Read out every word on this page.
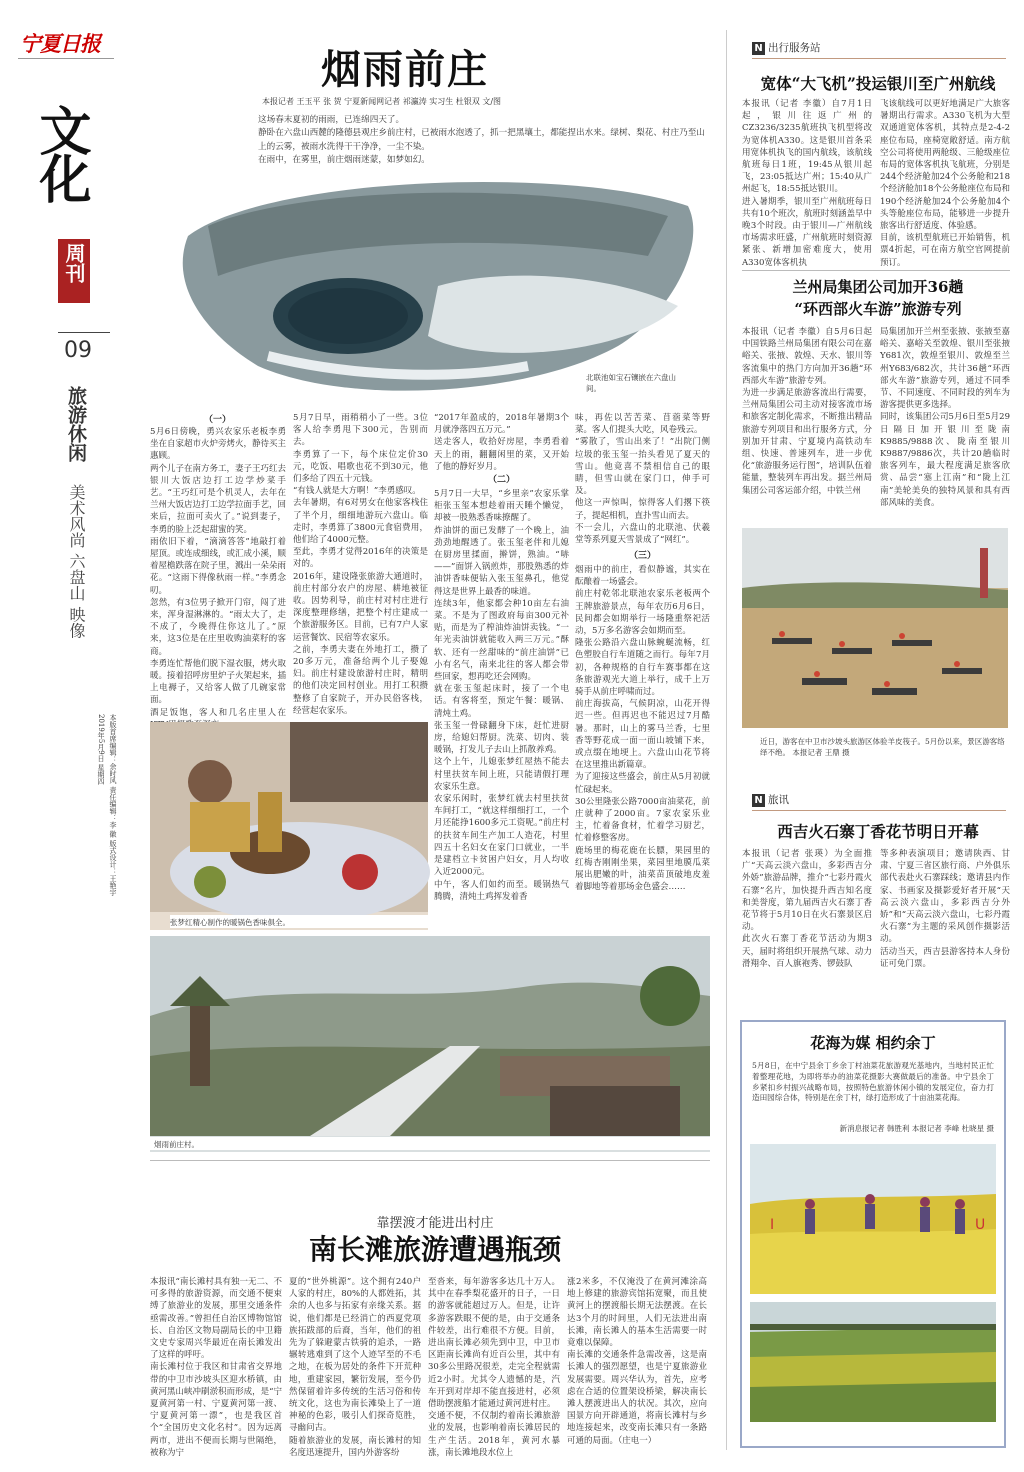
宁夏日报
文化
周刊
09
旅游休闲
美术风尚 六盘山 映像
本版首席编辑：余时风 责任编辑：李 徽 版式设计：王艳宇
2019年5月9日 星期四
烟雨前庄
本报记者 王玉平 张 贺 宁夏新闻网记者 祁瀛涛 实习生 杜银双 文/图
这场春末夏初的雨雨，已连绵四天了。
静卧在六盘山西麓的隆德县观庄乡前庄村，已被雨水泡透了，抓一把黑壤土，都能捏出水来。绿树、梨花、村庄乃至山上的云雾，被雨水洗得干干净净，一尘不染。
在雨中，在雾里，前庄烟雨迷蒙，如梦如幻。
北联池如宝石镶嵌在六盘山间。
（一）
5月6日傍晚，勇兴农家乐老板李勇坐在自家超市火炉旁烤火，静待买主惠顾。
两个儿子在南方务工，妻子王巧红去银川大饭店边打工边学炒菜手艺。“王巧红可是个机灵人，去年在兰州大饭店边打工边学拉面手艺，回来后，拉面可卖火了。”说到妻子，李勇的脸上泛起甜蜜的笑。
雨依旧下着，“滴滴答答”地敲打着屋顶。或连成细线，或汇成小溪，顺着屋檐跌落在院子里，溅出一朵朵雨花。“这雨下得像秋雨一样。”李勇念叨。
忽然，有3位男子掀开门帘，闯了进来，浑身湿淋淋的。“雨太大了，走不成了，今晚得住你这儿了。”原来，这3位是在庄里收购油菜籽的客商。
李勇连忙帮他们脱下湿衣服，烤火取暖。接着招呼房里炉子火架起来，插上电褥子，又给客人做了几碗家常面。
酒足饭饱，客人和几名庄里人在
5月7日早，雨稍稍小了一些。3位客人给李勇甩下300元，告别而去。
李勇算了一下，每个床位定价30元，吃饭、唱歌也花不到30元，他们多给了四五十元钱。
“有钱人就是大方啊！”李勇感叹。
去年暑期，有6对男女在他家客栈住了半个月，细细地游玩六盘山。临走时，李勇算了3800元食宿费用，他们给了4000元整。
至此，李勇才觉得2016年的决策是对的。
2016年，建设隆张旅游大通道时，前庄村部分农户的房屋、耕地被征收。因势利导，前庄村对村庄进行深度整理修缮，把整个村庄建成一个旅游服务区。目前，已有7户人家运营餐饮、民宿等农家乐。
之前，李勇夫妻在外地打工，攒了20多万元，准备给两个儿子娶媳妇。前庄村建设旅游村庄时，精明的他们决定回村创业。用打工积攒整修了自家院子，开办民俗客栈，经营起农家乐。
“2017年盈成的，2018年暑期3个月就净落四五万元。”
送走客人，收拾好房屋，李勇看着天上的雨，翻翻闲里的菜，又开始了他的静好岁月。
（二）
5月7日一大早，“乡里亲”农家乐掌柜张玉玺本想趁着雨天睡个懒觉，却被一股熟悉香味撩醒了。
炸油饼的面已发酵了一个晚上，油劲劲地醒透了。张玉玺老伴和儿媳在厨房里揉面，擀饼，熟油。“哧——”面饼入锅煎炸，那股熟悉的炸油饼香味便钻入张玉玺鼻孔，他觉得这是世界上最香的味道。
连续3年，他家都会种10亩左右油菜。不是为了图政府每亩300元补贴，而是为了榨油炸油饼卖钱。“一年光卖油饼就能收入两三万元。”酥软、还有一丝甜味的“前庄油饼”已小有名气，南来北往的客人都会带些回家，想再吃还会网购。
就在张玉玺起床时，接了一个电话。有客将至，预定午餐：暖锅、清炖土鸡。
张玉玺一骨碌翻身下床，赶忙进厨房，给媳妇帮厨。洗菜、切肉、装暖锅，打发儿子去山上抓散养鸡。
这个上午，儿媳张梦红屋热不能去村里扶贫车间上班，只能请假打理农家乐生意。
农家乐闲时，张梦红就去村里扶贫车间打工，“就这样细细打工，一个月还能挣1600多元工资呢。”前庄村的扶贫车间生产加工人造花，村里四五十名妇女在家门口就业，一半是建档立卡贫困户妇女，月人均收入近2000元。
中午，客人们如约而至。暖锅热气腾腾，清炖土鸡挥发着香
味，再佐以苦苦菜、苜蓿菜等野菜。客人们提头大吃，风卷残云。
“雾散了，雪山出来了！”出院门侧垃圾的张玉玺一抬头看见了夏天的雪山。他竟喜不禁相信自己的眼睛，但雪山就在家门口，伸手可及。
他这一声惊叫，惊得客人们撂下筷子，提起相机，直扑雪山而去。
不一会儿，六盘山的北联池、伏羲堂等系列夏天雪景成了“网红”。
（三）
烟雨中的前庄，看似静谧，其实在酝酿着一场盛会。
前庄村乾邻北联池农家乐老板两个王牌旅游景点，每年农历6月6日，民间都会如期举行一场隆重祭祀活动，5万多名游客会如期而至。
隆张公路沿六盘山脉蜿蜒流畅，红色塑胶自行车道随之而行。每年7月初，各种规格的自行车赛事都在这条旅游观光大道上举行，成千上万骑手从前庄呼啸而过。
前庄海拔高，气候阴凉，山花开得迟一些。但再迟也不能迟过7月酷暑。那时，山上的雾马兰香，七里香等野花成一面一面山坡铺下来，或点缀在地埂上。六盘山山花节将在这里推出新篇章。
为了迎接这些盛会，前庄从5月初就忙碌起来。
30公里隆张公路7000亩油菜花，前庄就种了2000亩。7家农家乐业主，忙着备食材，忙着学习厨艺，忙着修整客房。
鹿场里的梅花鹿在长膘，果园里的红梅杏刚刚坐果，菜园里地膜瓜菜展出肥嫩的叶，油菜苗顶破地皮羞着脚地等着那场金色盛会……
张梦红精心制作的暖锅色香味俱全。
烟雨前庄村。
靠摆渡才能进出村庄
南长滩旅游遭遇瓶颈
本报讯“南长滩村具有独一无二、不可多得的旅游资源，而交通不便束缚了旅游业的发展，那里交通条件亟需改善。”曾担任自治区博物馆馆长、自治区文物局副局长的中卫籍文史专家周兴华最近在南长滩发出了这样的呼吁。
南长滩村位于我区和甘肃省交界地带的中卫市沙坡头区迎水桥镇，由黄河黑山峡冲刷淤积而形成，是“宁夏黄河第一村、宁夏黄河第一渡、宁夏黄河第一漂”，也是我区首个“全国历史文化名村”。因为远离两市，进出不便而长期与世隔绝，被称为宁
夏的“世外桃源”。这个拥有240户人家的村庄，80%的人都姓拓，其余的人也多与拓家有亲缘关系。据说，他们都是已经消亡的西夏党项族拓跋部的后裔，当年，他们的祖先为了躲避蒙古铁骑的追杀，一路辗转逃难到了这个人迹罕至的不毛之地，在板为居处的条件下开荒种地，重建家园，繁衍发展，至今仍然保留着许多传统的生活习俗和传统文化，这也为南长滩染上了一道神秘的色彩，吸引人们探奇览胜，寻幽问古。
随着旅游业的发展，南长滩村的知名度迅速提升，国内外游客纷
至沓来，每年游客多达几十万人。其中在春季梨花盛开的日子，一日的游客就能超过万人。但是，让许多游客跌眼不便的是，由于交通条件较差，出行难很不方便。目前，进出南长滩必须先到中卫，中卫市区距南长滩尚有近百公里，其中有30多公里路况很差，走完全程就需近2小时。尤其令人遗憾的是，汽车开到对岸却不能直接进村，必须借助摆渡船才能通过黄河进村庄。
交通不便，不仅制约着南长滩旅游业的发展，也影响着南长滩居民的生产生活。2018年，黄河水暴涨，南长滩地段水位上
涨2米多，不仅淹没了在黄河滩涂高地上修建的旅游宾馆拓宽聚，而且使黄河上的摆渡船长期无法摆渡。在长达3个月的时间里，人们无法进出南长滩，南长滩人的基本生活需要一时竟难以保障。
南长滩的交通条件急需改善，这是南长滩人的强烈愿望，也是宁夏旅游业发展需要。周兴华认为，首先，应考虑在合适的位置架设桥梁，解决南长滩人摆渡进出人的状况。其次，应向国景方向开辟通道，将南长滩村与乡地连接起来，改变南长滩只有一条路可通的局面。（庄电一）
N 出行服务站
宽体“大飞机”投运银川至广州航线
本报讯（记者 李徽）自7月1日起，银川往返广州的CZ3236/3235航班执飞机型将改为宽体机A330。这是银川首条采用宽体机执飞的国内航线，该航线航班每日1班，19:45从银川起飞，23:05抵达广州；15:40从广州起飞，18:55抵达银川。
进入暑期季，银川至广州航班每日共有10个班次，航班时刻涵盖早中晚3个时段。由于银川—广州航线市场需求旺盛，广州航班时刻资源紧张、新增加密难度大，使用A330宽体客机执
飞该航线可以更好地满足广大旅客暑期出行需求。A330飞机为大型双通道宽体客机，其特点是2-4-2座位布局，座椅宽敞舒适。南方航空公司将使用两舱级、三舱级座位布局的宽体客机执飞航班，分别是244个经济舱加24个公务舱和218个经济舱加18个公务舱座位布局和190个经济舱加24个公务舱加4个头等舱座位布局，能够进一步提升旅客出行舒适度、体验感。
目前，该机型航班已开始销售，机票4折起，可在南方航空官网提前预订。
兰州局集团公司加开36趟
“环西部火车游”旅游专列
本报讯（记者 李徽）自5月6日起中国铁路兰州局集团有限公司在嘉峪关、张掖、敦煌、天水、银川等客流集中的热门方向加开36趟“环西部火车游”旅游专列。
为进一步满足旅游客流出行需要，兰州局集团公司主动对接客流市场和旅客定制化需求，不断推出精品旅游专列项目和出行服务方式，分别加开甘肃、宁夏境内高铁动车组、快速、普速列车，进一步优化“旅游服务运行图”，培训队伍着能量，整装列车再出发。据兰州局集团公司客运部介绍，中铁兰州
局集团加开兰州至张掖、张掖至嘉峪关、嘉峪关至敦煌、银川至张掖Y681次，敦煌至银川、敦煌至兰州Y683/682次，共计36趟“环西部火车游”旅游专列，通过不同季节、不同速度、不同时段的列车为游客提供更多选择。
同时，该集团公司5月6日至5月29日隔日加开银川至陇南K9885/9888次、陇南至银川K9887/9886次，共计20趟临时旅客列车，最大程度满足旅客欣赏、品尝“塞上江南”和“陇上江南”美轮美奂的独特风景和具有西部风味的美食。
近日，游客在中卫市沙坡头旅游区体验羊皮筏子。5月份以来，景区游客络绎不绝。 本报记者 王鼎 摄
N 旅讯
西吉火石寨丁香花节明日开幕
本报讯（记者 张瑛）为全面推广“天高云淡六盘山，多彩西吉分外娇”旅游品牌，推介“七彩丹霞火石寨”名片，加快提升西吉知名度和美誉度，第九届西吉火石寨丁香花节将于5月10日在火石寨景区启动。
此次火石寨丁香花节活动为期3天，届时将组织开展热气球、动力滑翔伞、百人旗袍秀、锣鼓队
等多种表演项目；邀请陕西、甘肃、宁夏三省区旅行商、户外俱乐部代表赴火石寨踩线；邀请县内作家、书画家及摄影爱好者开展“天高云淡六盘山，多彩西吉分外娇”和“天高云淡六盘山，七彩丹霞火石寨”为主题的采风创作摄影活动。
活动当天，西吉县游客持本人身份证可免门票。
花海为媒 相约余丁
5月8日，在中宁县余丁乡余丁村油菜花旅游观光基地内，当地村民正忙着整理花地，为即将举办的油菜花摄影大赛做最后的准备。中宁县余丁乡紧扣乡村振兴战略布局，按照特色旅游休闲小镇的发展定位，奋力打造田园综合体，特别是在余丁村，绿打造形成了十亩油菜花海。
新消息报记者 韩胜利 本报记者 李峰 杜晓星 摄
I	U
